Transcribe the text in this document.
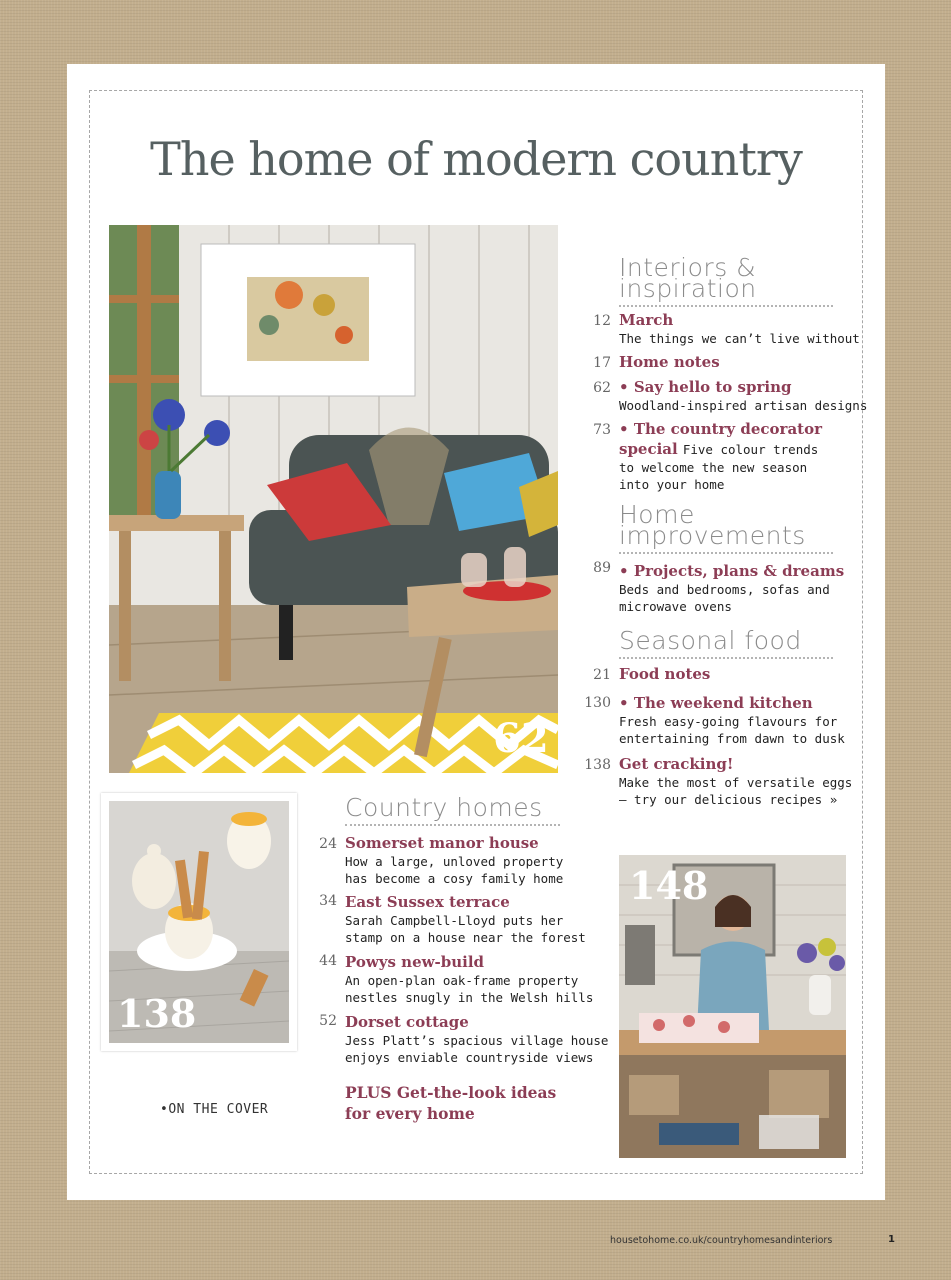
The home of modern country
62
Interiors &
inspiration
12 March
The things we can’t live without
17 Home notes
62 • Say hello to spring
Woodland-inspired artisan designs
73 • The country decorator
special Five colour trends
to welcome the new season
into your home
Home
improvements
89 • Projects, plans & dreams
Beds and bedrooms, sofas and
microwave ovens
Seasonal food
21 Food notes
130 • The weekend kitchen
Fresh easy-going flavours for
entertaining from dawn to dusk
138 Get cracking!
Make the most of versatile eggs
– try our delicious recipes »
138
Country homes
24 Somerset manor house
How a large, unloved property
has become a cosy family home
34 East Sussex terrace
Sarah Campbell-Lloyd puts her
stamp on a house near the forest
44 Powys new-build
An open-plan oak-frame property
nestles snugly in the Welsh hills
52 Dorset cottage
Jess Platt’s spacious village house
enjoys enviable countryside views
PLUS Get-the-look ideas
for every home
•ON THE COVER
148
housetohome.co.uk/countryhomesandinteriors	1
